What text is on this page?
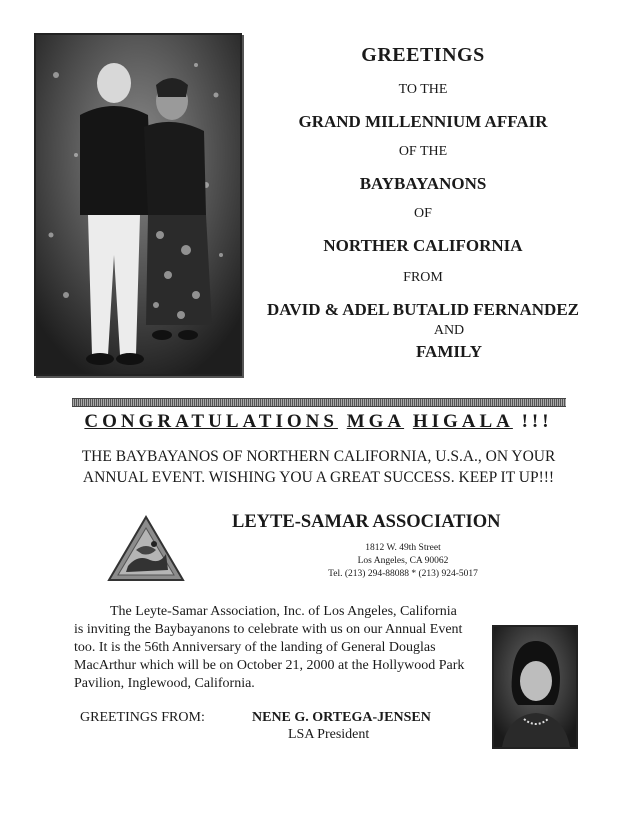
GREETINGS
TO THE
GRAND MILLENNIUM AFFAIR
OF THE
BAYBAYANONS
OF
NORTHER CALIFORNIA
FROM
DAVID & ADEL BUTALID FERNANDEZ
AND
FAMILY
CONGRATULATIONS MGA HIGALA !!!
THE BAYBAYANOS OF NORTHERN CALIFORNIA, U.S.A., ON YOUR
ANNUAL EVENT. WISHING YOU A GREAT SUCCESS. KEEP IT UP!!!
LEYTE-SAMAR ASSOCIATION
1812 W. 49th Street
Los Angeles, CA 90062
Tel. (213) 294-88088 * (213) 924-5017
The Leyte-Samar Association, Inc. of Los Angeles, California
is inviting the Baybayanons to celebrate with us on our Annual Event
too. It is the 56th Anniversary of the landing of General Douglas
MacArthur which will be on October 21, 2000 at the Hollywood Park
Pavilion, Inglewood, California.
GREETINGS FROM:	NENE G. ORTEGA-JENSEN
LSA President
